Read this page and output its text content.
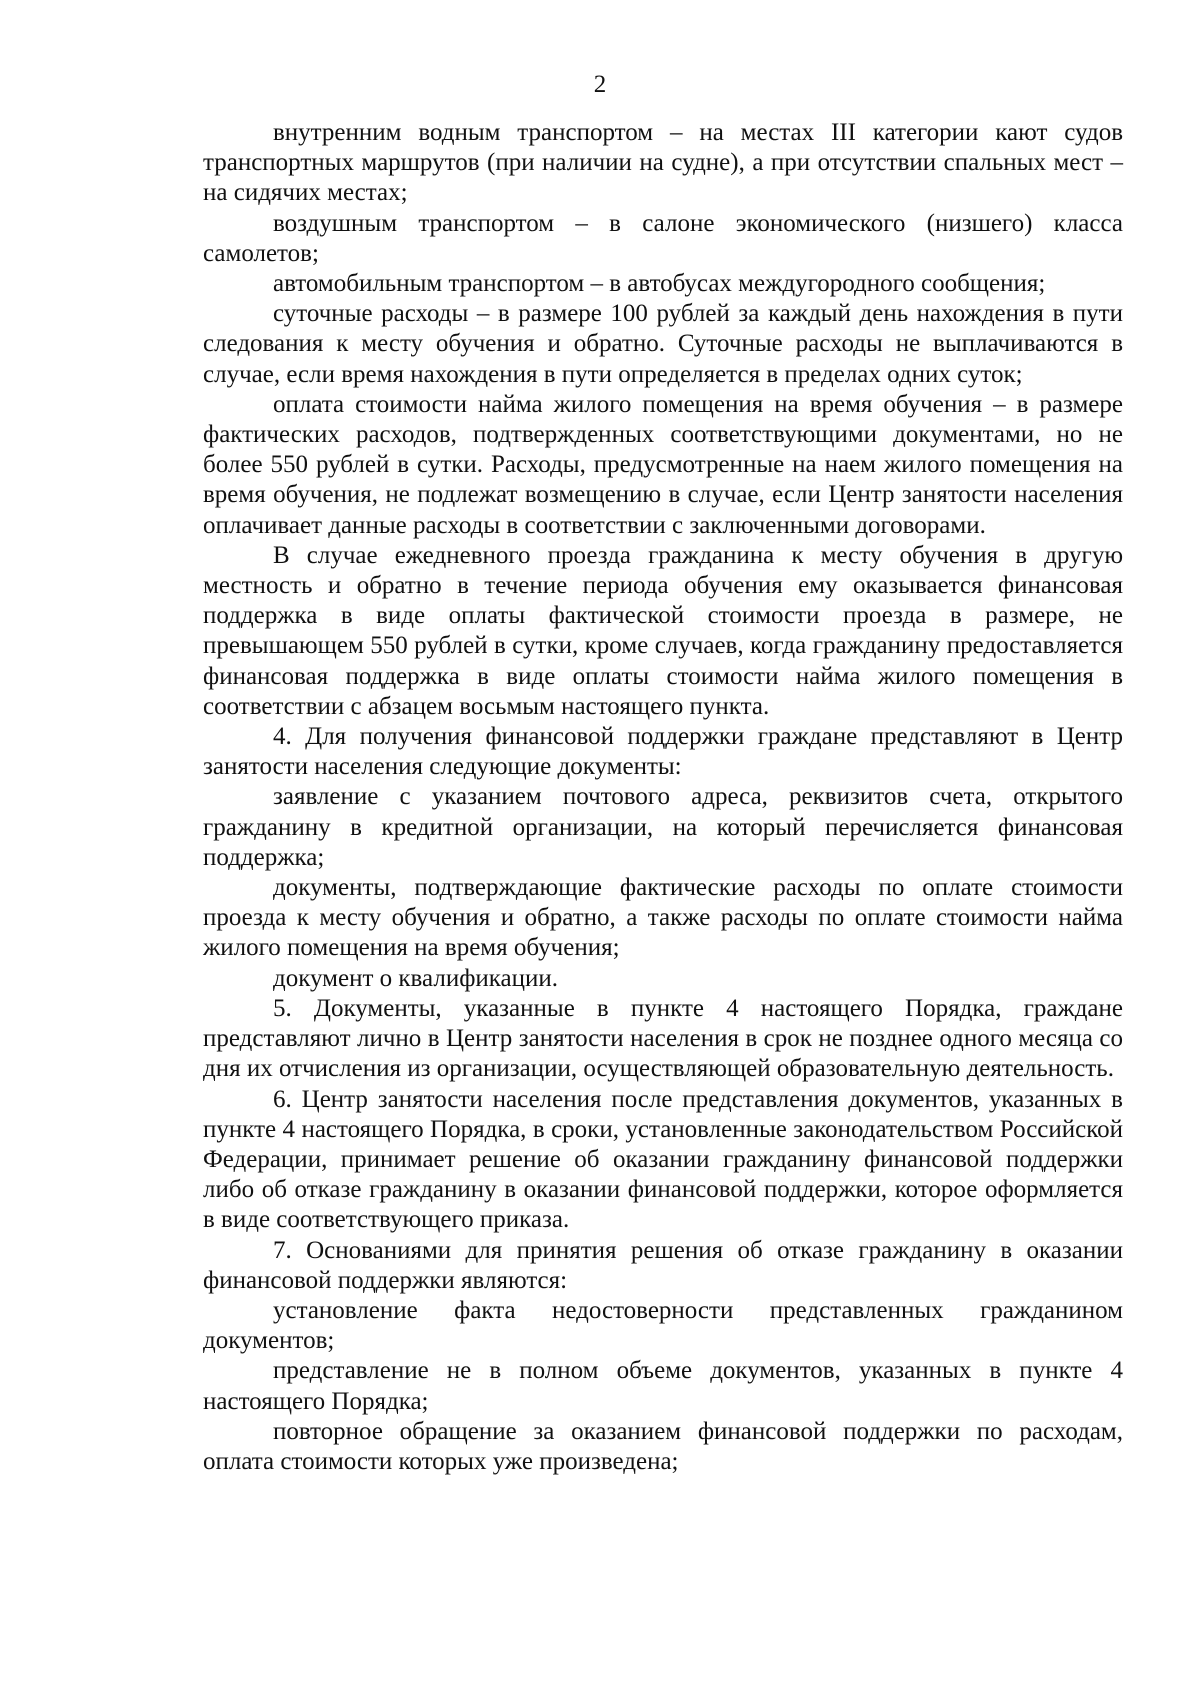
2

внутренним водным транспортом – на местах III категории кают судов транспортных маршрутов (при наличии на судне), а при отсутствии спальных мест – на сидячих местах;

воздушным транспортом – в салоне экономического (низшего) класса самолетов;

автомобильным транспортом – в автобусах междугородного сообщения;

суточные расходы – в размере 100 рублей за каждый день нахождения в пути следования к месту обучения и обратно. Суточные расходы не выплачиваются в случае, если время нахождения в пути определяется в пределах одних суток;

оплата стоимости найма жилого помещения на время обучения – в размере фактических расходов, подтвержденных соответствующими документами, но не более 550 рублей в сутки. Расходы, предусмотренные на наем жилого помещения на время обучения, не подлежат возмещению в случае, если Центр занятости населения оплачивает данные расходы в соответствии с заключенными договорами.

В случае ежедневного проезда гражданина к месту обучения в другую местность и обратно в течение периода обучения ему оказывается финансовая поддержка в виде оплаты фактической стоимости проезда в размере, не превышающем 550 рублей в сутки, кроме случаев, когда гражданину предоставляется финансовая поддержка в виде оплаты стоимости найма жилого помещения в соответствии с абзацем восьмым настоящего пункта.

4. Для получения финансовой поддержки граждане представляют в Центр занятости населения следующие документы:

заявление с указанием почтового адреса, реквизитов счета, открытого гражданину в кредитной организации, на который перечисляется финансовая поддержка;

документы, подтверждающие фактические расходы по оплате стоимости проезда к месту обучения и обратно, а также расходы по оплате стоимости найма жилого помещения на время обучения;

документ о квалификации.

5. Документы, указанные в пункте 4 настоящего Порядка, граждане представляют лично в Центр занятости населения в срок не позднее одного месяца со дня их отчисления из организации, осуществляющей образовательную деятельность.

6. Центр занятости населения после представления документов, указанных в пункте 4 настоящего Порядка, в сроки, установленные законодательством Российской Федерации, принимает решение об оказании гражданину финансовой поддержки либо об отказе гражданину в оказании финансовой поддержки, которое оформляется в виде соответствующего приказа.

7. Основаниями для принятия решения об отказе гражданину в оказании финансовой поддержки являются:

установление факта недостоверности представленных гражданином документов;

представление не в полном объеме документов, указанных в пункте 4 настоящего Порядка;

повторное обращение за оказанием финансовой поддержки по расходам, оплата стоимости которых уже произведена;
